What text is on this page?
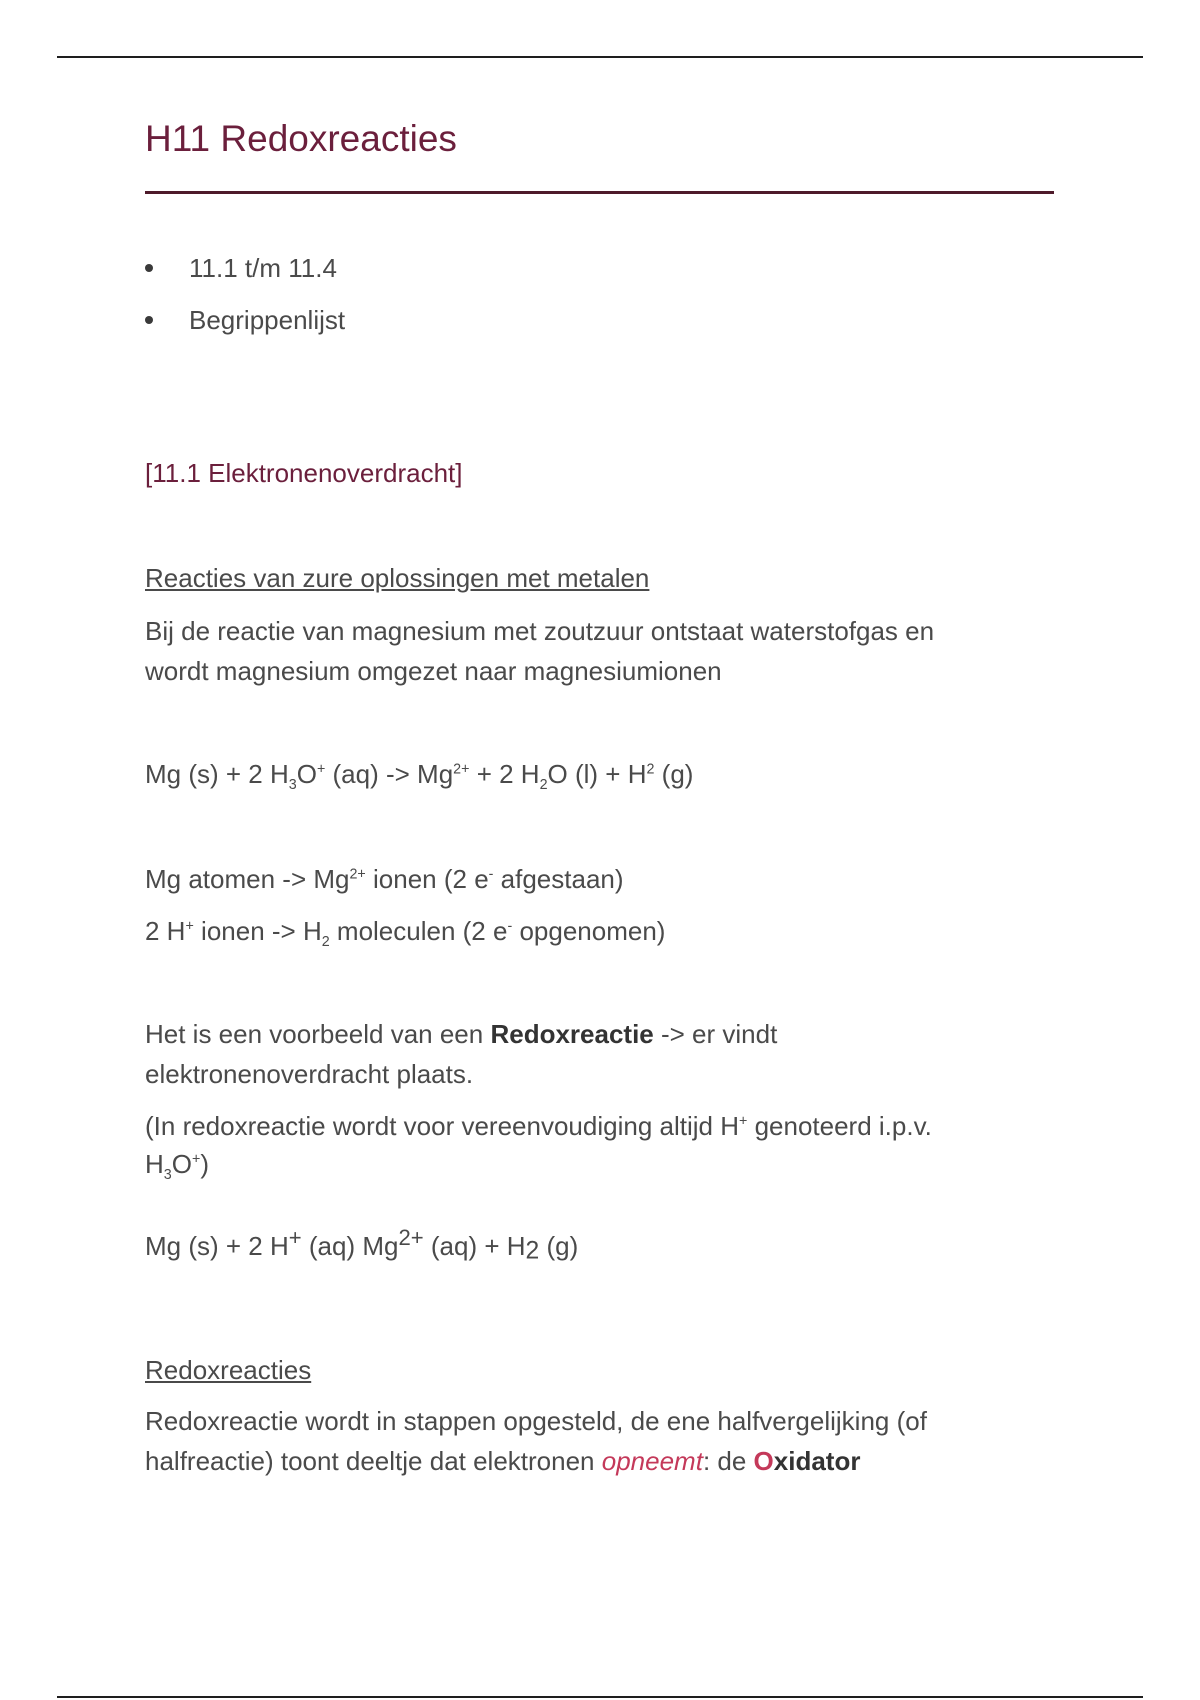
H11 Redoxreacties
11.1 t/m 11.4
Begrippenlijst
[11.1 Elektronenoverdracht]
Reacties van zure oplossingen met metalen
Bij de reactie van magnesium met zoutzuur ontstaat waterstofgas en
wordt magnesium omgezet naar magnesiumionen
Mg (s) + 2 $H_3O^+$ $(aq) -> Mg^{2+} + 2$ $H_2O$ $(l) + H^2$ (g)
Mg atomen -> $Mg^{2+}$ ionen (2 e- afgestaan)
2 H+ ionen -> $H_2$ moleculen (2 e- opgenomen)
Het is een voorbeeld van een Redoxreactie -> er vindt
elektronenoverdracht plaats.
(In redoxreactie wordt voor vereenvoudiging altijd H+ genoteerd i.p.v.
$H_3O^+$)
Mg (s) + 2 H+ (aq) Mg2+ (aq) + H2 (g)
Redoxreacties
Redoxreactie wordt in stappen opgesteld, de ene halfvergelijking (of
halfreactie) toont deeltje dat elektronen opneemt: de Oxidator
